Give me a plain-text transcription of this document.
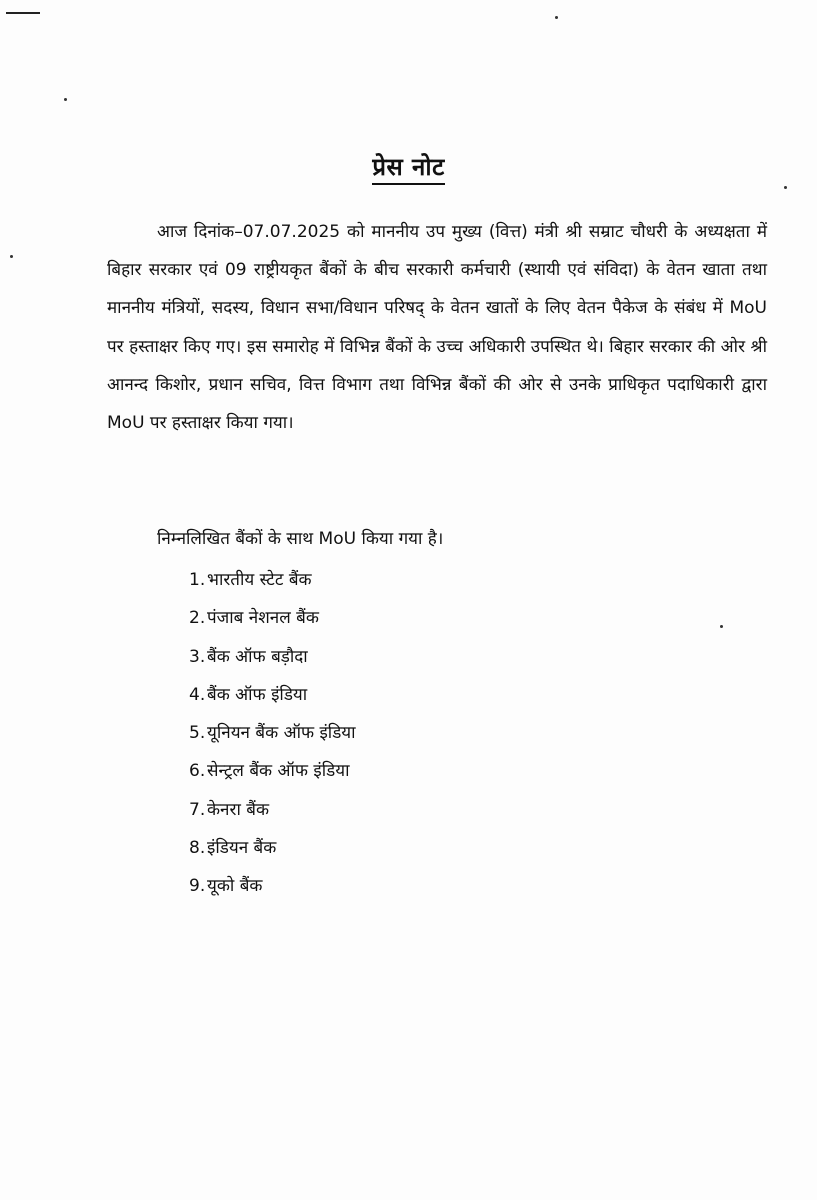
प्रेस नोट
आज दिनांक–07.07.2025 को माननीय उप मुख्य (वित्त) मंत्री श्री सम्राट चौधरी के अध्यक्षता में बिहार सरकार एवं 09 राष्ट्रीयकृत बैंकों के बीच सरकारी कर्मचारी (स्थायी एवं संविदा) के वेतन खाता तथा माननीय मंत्रियों, सदस्य, विधान सभा/विधान परिषद् के वेतन खातों के लिए वेतन पैकेज के संबंध में MoU पर हस्ताक्षर किए गए। इस समारोह में विभिन्न बैंकों के उच्च अधिकारी उपस्थित थे। बिहार सरकार की ओर श्री आनन्द किशोर, प्रधान सचिव, वित्त विभाग तथा विभिन्न बैंकों की ओर से उनके प्राधिकृत पदाधिकारी द्वारा MoU पर हस्ताक्षर किया गया।
निम्नलिखित बैंकों के साथ MoU किया गया है।
1. भारतीय स्टेट बैंक
2. पंजाब नेशनल बैंक
3. बैंक ऑफ बड़ौदा
4. बैंक ऑफ इंडिया
5. यूनियन बैंक ऑफ इंडिया
6. सेन्ट्रल बैंक ऑफ इंडिया
7. केनरा बैंक
8. इंडियन बैंक
9. यूको बैंक
